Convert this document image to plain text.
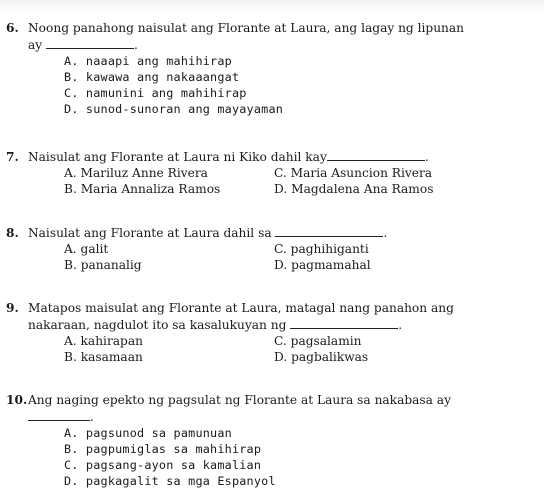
6. Noong panahong naisulat ang Florante at Laura, ang lagay ng lipunan
ay	.
A. naaapi ang mahihirap
B. kawawa ang nakaaangat
C. namunini ang mahihirap
D. sunod-sunoran ang mayayaman
7. Naisulat ang Florante at Laura ni Kiko dahil kay	.
A. Mariluz Anne Rivera	C. Maria Asuncion Rivera
B. Maria Annaliza Ramos	D. Magdalena Ana Ramos
8. Naisulat ang Florante at Laura dahil sa	.
A. galit	C. paghihiganti
B. pananalig	D. pagmamahal
9. Matapos maisulat ang Florante at Laura, matagal nang panahon ang
nakaraan, nagdulot ito sa kasalukuyan ng	.
A. kahirapan	C. pagsalamin
B. kasamaan	D. pagbalikwas
10.Ang naging epekto ng pagsulat ng Florante at Laura sa nakabasa ay
.
A. pagsunod sa pamunuan
B. pagpumiglas sa mahihirap
C. pagsang-ayon sa kamalian
D. pagkagalit sa mga Espanyol
